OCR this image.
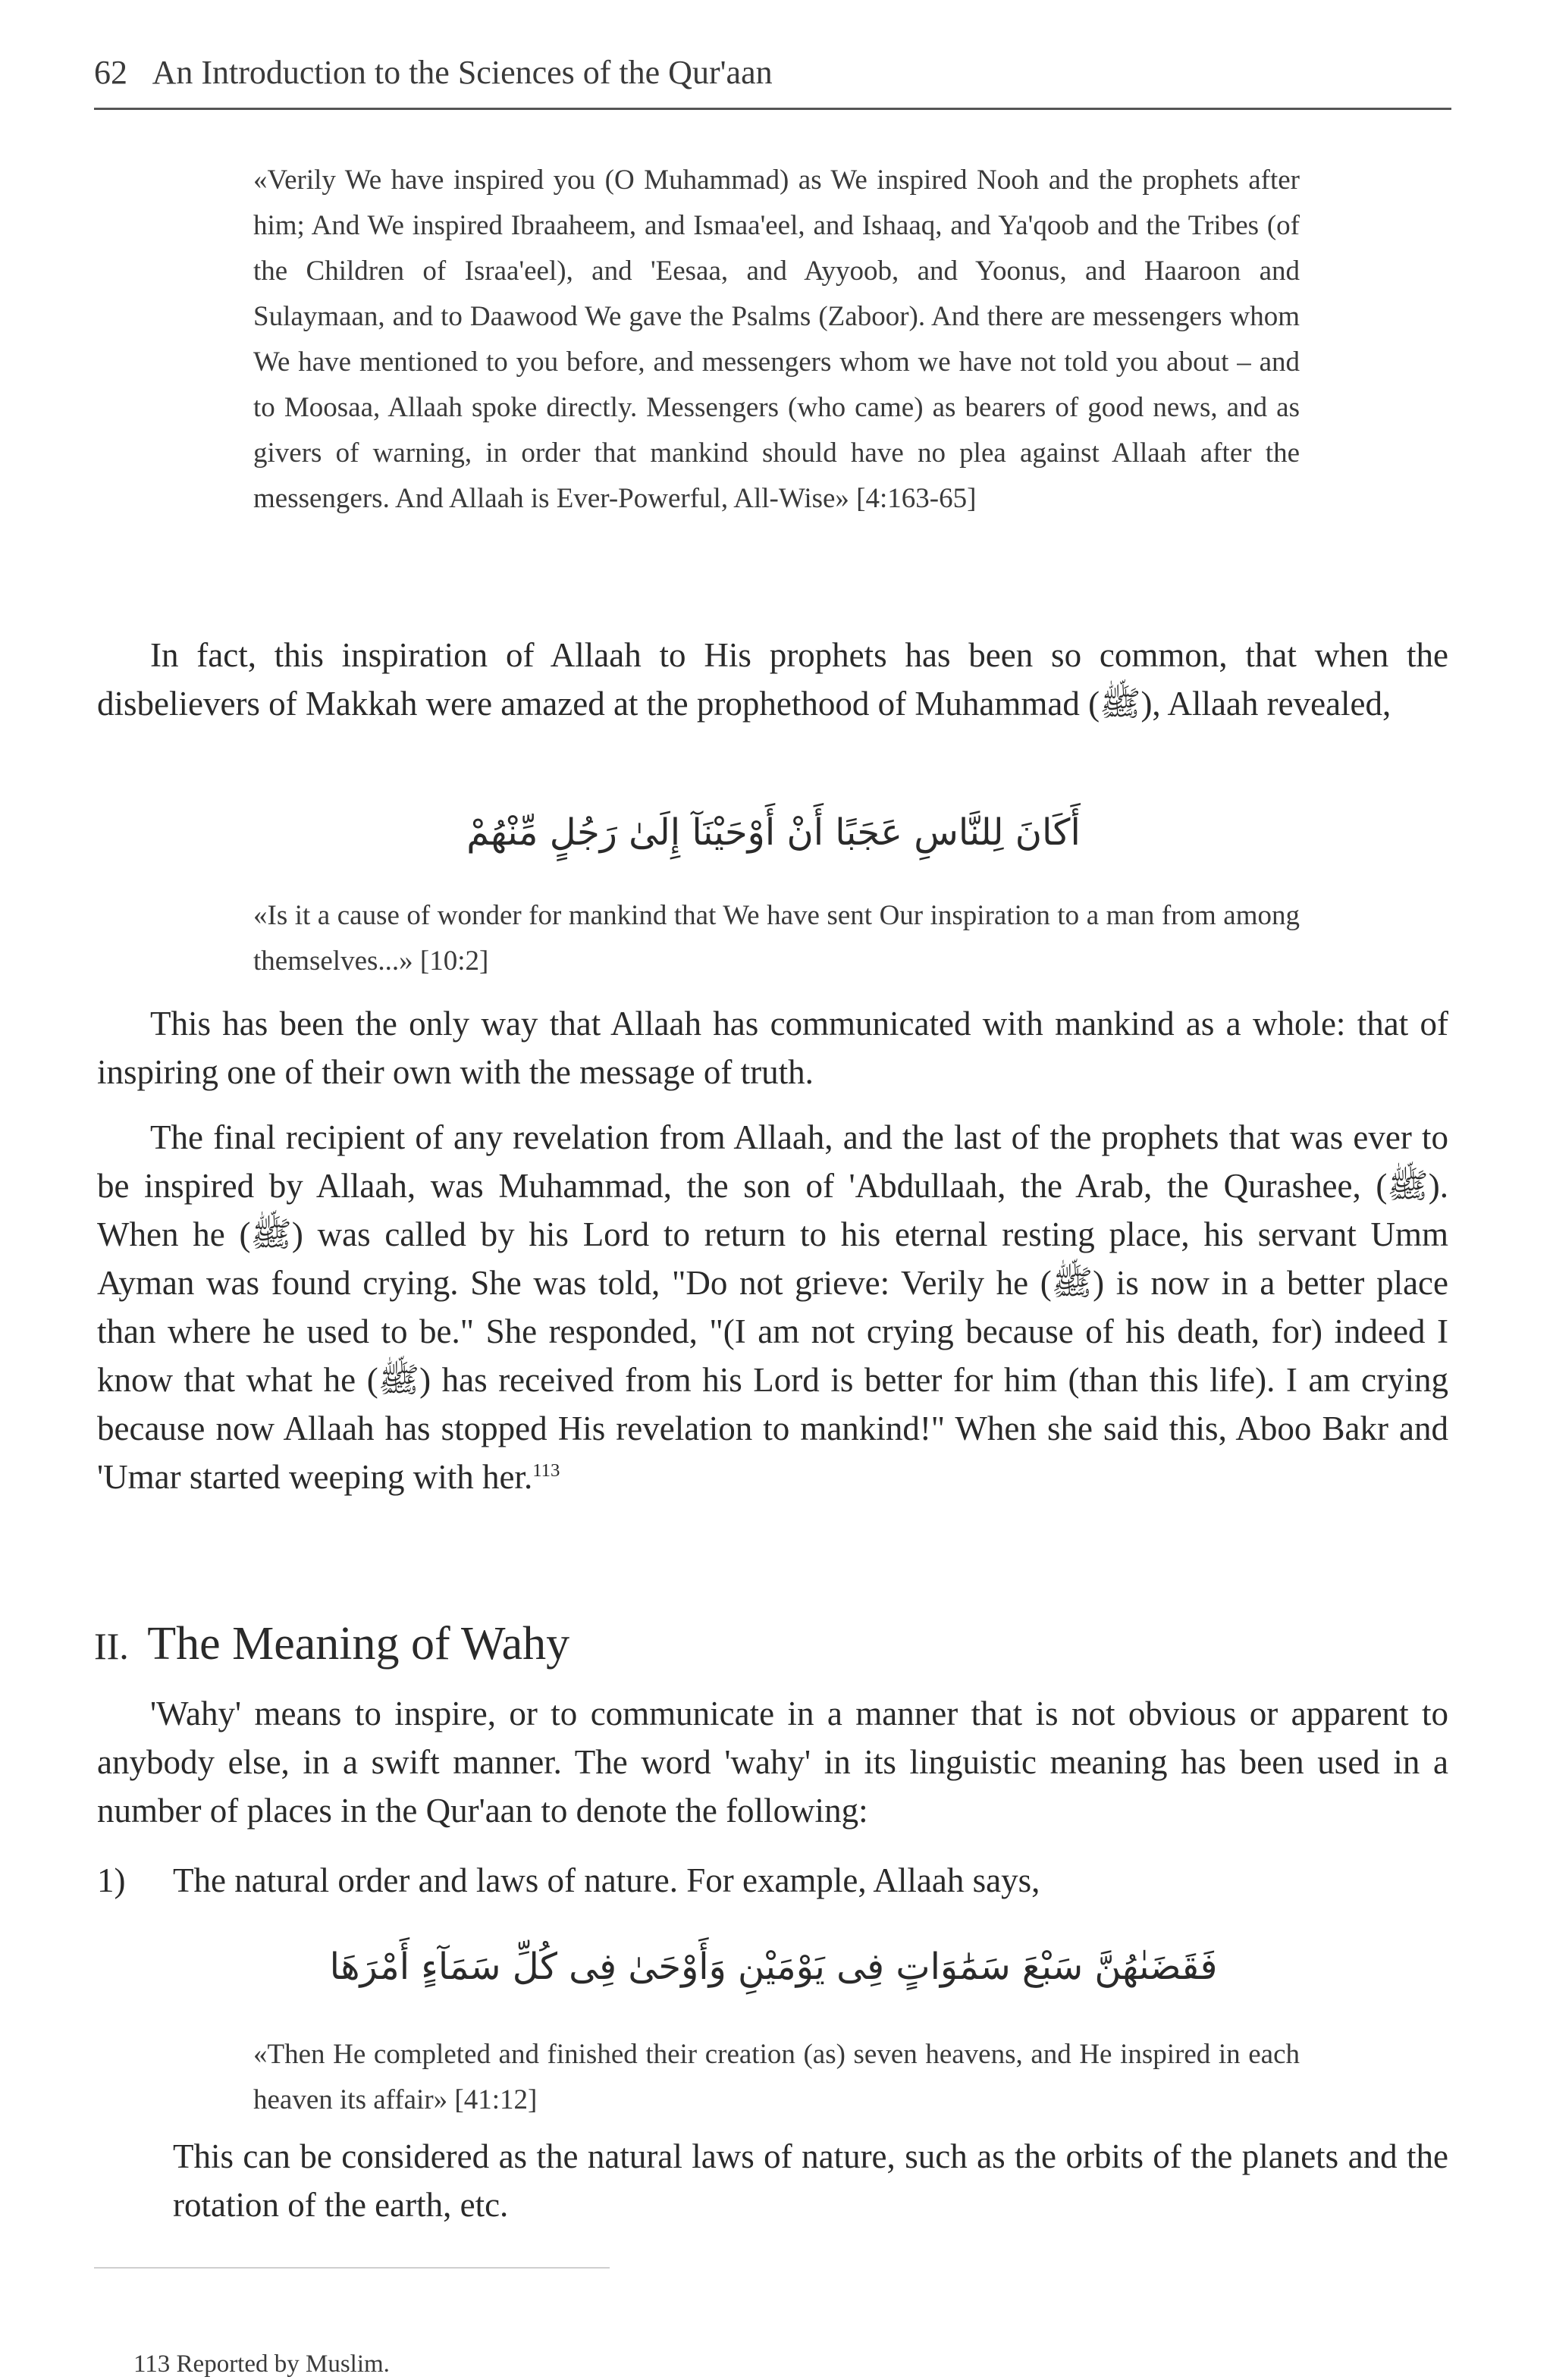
62 An Introduction to the Sciences of the Qur'aan

«Verily We have inspired you (O Muhammad) as We inspired Nooh and the prophets after him; And We inspired Ibraaheem, and Ismaa'eel, and Ishaaq, and Ya'qoob and the Tribes (of the Children of Israa'eel), and 'Eesaa, and Ayyoob, and Yoonus, and Haaroon and Sulaymaan, and to Daawood We gave the Psalms (Zaboor). And there are messengers whom We have mentioned to you before, and messengers whom we have not told you about – and to Moosaa, Allaah spoke directly. Messengers (who came) as bearers of good news, and as givers of warning, in order that mankind should have no plea against Allaah after the messengers. And Allaah is Ever-Powerful, All-Wise» [4:163-65]

In fact, this inspiration of Allaah to His prophets has been so common, that when the disbelievers of Makkah were amazed at the prophethood of Muhammad (ﷺ), Allaah revealed,

أَكَانَ لِلنَّاسِ عَجَبًا أَنْ أَوْحَيْنَآ إِلَىٰ رَجُلٍ مِّنْهُمْ

«Is it a cause of wonder for mankind that We have sent Our inspiration to a man from among themselves...» [10:2]

This has been the only way that Allaah has communicated with mankind as a whole: that of inspiring one of their own with the message of truth.

The final recipient of any revelation from Allaah, and the last of the prophets that was ever to be inspired by Allaah, was Muhammad, the son of 'Abdullaah, the Arab, the Qurashee, (ﷺ). When he (ﷺ) was called by his Lord to return to his eternal resting place, his servant Umm Ayman was found crying. She was told, "Do not grieve: Verily he (ﷺ) is now in a better place than where he used to be." She responded, "(I am not crying because of his death, for) indeed I know that what he (ﷺ) has received from his Lord is better for him (than this life). I am crying because now Allaah has stopped His revelation to mankind!" When she said this, Aboo Bakr and 'Umar started weeping with her.$^{113}$

II. The Meaning of Wahy

'Wahy' means to inspire, or to communicate in a manner that is not obvious or apparent to anybody else, in a swift manner. The word 'wahy' in its linguistic meaning has been used in a number of places in the Qur'aan to denote the following:

1) The natural order and laws of nature. For example, Allaah says,
فَقَضَىٰهُنَّ سَبْعَ سَمَٰوَاتٍ فِى يَوْمَيْنِ وَأَوْحَىٰ فِى كُلِّ سَمَآءٍ أَمْرَهَا

«Then He completed and finished their creation (as) seven heavens, and He inspired in each heaven its affair» [41:12]

This can be considered as the natural laws of nature, such as the orbits of the planets and the rotation of the earth, etc.

113 Reported by Muslim.
